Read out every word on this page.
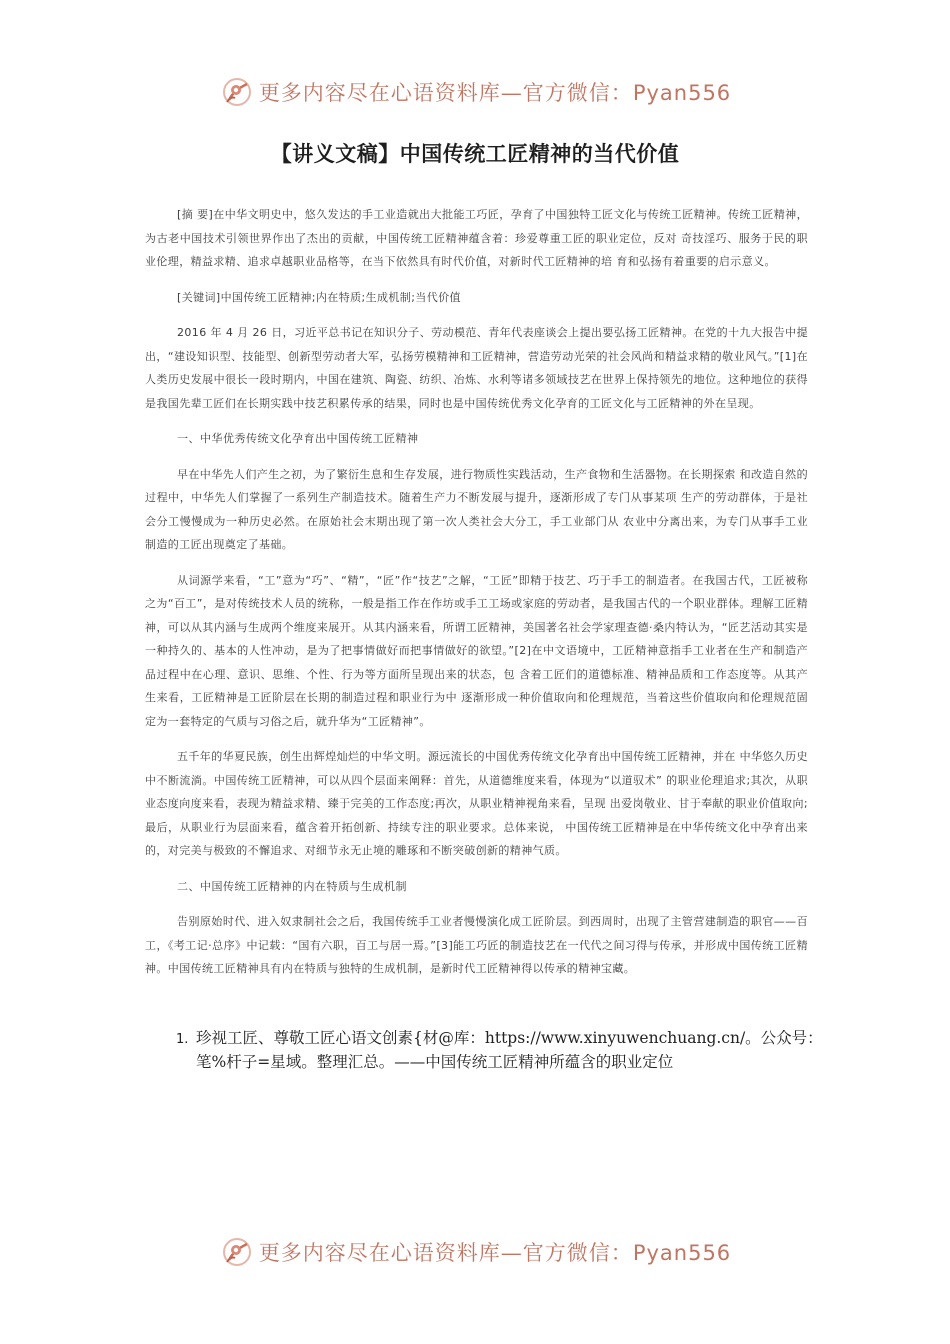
更多内容尽在心语资料库—官方微信：Pyan556
【讲义文稿】中国传统工匠精神的当代价值

[摘 要]在中华文明史中，悠久发达的手工业造就出大批能工巧匠，孕育了中国独特工匠文化与传统工匠精神。传统工匠精神，为古老中国技术引领世界作出了杰出的贡献，中国传统工匠精神蕴含着：珍爱尊重工匠的职业定位，反对 奇技淫巧、服务于民的职业伦理，精益求精、追求卓越职业品格等，在当下依然具有时代价值，对新时代工匠精神的培 育和弘扬有着重要的启示意义。

[关键词]中国传统工匠精神;内在特质;生成机制;当代价值

2016 年 4 月 26 日，习近平总书记在知识分子、劳动模范、青年代表座谈会上提出要弘扬工匠精神。在党的十九大报告中提出，“建设知识型、技能型、创新型劳动者大军，弘扬劳模精神和工匠精神，营造劳动光荣的社会风尚和精益求精的敬业风气。”[1]在人类历史发展中很长一段时期内，中国在建筑、陶瓷、纺织、冶炼、水利等诸多领域技艺在世界上保持领先的地位。这种地位的获得是我国先辈工匠们在长期实践中技艺积累传承的结果，同时也是中国传统优秀文化孕育的工匠文化与工匠精神的外在呈现。

一、中华优秀传统文化孕育出中国传统工匠精神

早在中华先人们产生之初，为了繁衍生息和生存发展，进行物质性实践活动，生产食物和生活器物。在长期探索 和改造自然的过程中，中华先人们掌握了一系列生产制造技术。随着生产力不断发展与提升，逐渐形成了专门从事某项 生产的劳动群体，于是社会分工慢慢成为一种历史必然。在原始社会末期出现了第一次人类社会大分工，手工业部门从 农业中分离出来，为专门从事手工业制造的工匠出现奠定了基础。

从词源学来看，“工”意为“巧”、“精”，“匠”作“技艺”之解，“工匠”即精于技艺、巧于手工的制造者。在我国古代，工匠被称之为“百工”，是对传统技术人员的统称，一般是指工作在作坊或手工工场或家庭的劳动者，是我国古代的一个职业群体。理解工匠精神，可以从其内涵与生成两个维度来展开。从其内涵来看，所谓工匠精神，美国著名社会学家理查德·桑内特认为，“匠艺活动其实是一种持久的、基本的人性冲动，是为了把事情做好而把事情做好的欲望。”[2]在中文语境中，工匠精神意指手工业者在生产和制造产品过程中在心理、意识、思维、个性、行为等方面所呈现出来的状态，包 含着工匠们的道德标准、精神品质和工作态度等。从其产生来看，工匠精神是工匠阶层在长期的制造过程和职业行为中 逐渐形成一种价值取向和伦理规范，当着这些价值取向和伦理规范固定为一套特定的气质与习俗之后，就升华为“工匠精神”。

五千年的华夏民族，创生出辉煌灿烂的中华文明。源远流长的中国优秀传统文化孕育出中国传统工匠精神，并在 中华悠久历史中不断流淌。中国传统工匠精神，可以从四个层面来阐释：首先，从道德维度来看，体现为“以道驭术” 的职业伦理追求;其次，从职业态度向度来看，表现为精益求精、臻于完美的工作态度;再次，从职业精神视角来看，呈现 出爱岗敬业、甘于奉献的职业价值取向;最后，从职业行为层面来看，蕴含着开拓创新、持续专注的职业要求。总体来说， 中国传统工匠精神是在中华传统文化中孕育出来的，对完美与极致的不懈追求、对细节永无止境的雕琢和不断突破创新的精神气质。

二、中国传统工匠精神的内在特质与生成机制

告别原始时代、进入奴隶制社会之后，我国传统手工业者慢慢演化成工匠阶层。到西周时，出现了主管营建制造的职官——百工，《考工记·总序》中记载：“国有六职，百工与居一焉。”[3]能工巧匠的制造技艺在一代代之间习得与传承，并形成中国传统工匠精神。中国传统工匠精神具有内在特质与独特的生成机制，是新时代工匠精神得以传承的精神宝藏。

1. 珍视工匠、尊敬工匠心语文创素{材@库：https://www.xinyuwenchuang.cn/。公众号：笔%杆子=星域。整理汇总。——中国传统工匠精神所蕴含的职业定位
更多内容尽在心语资料库—官方微信：Pyan556
